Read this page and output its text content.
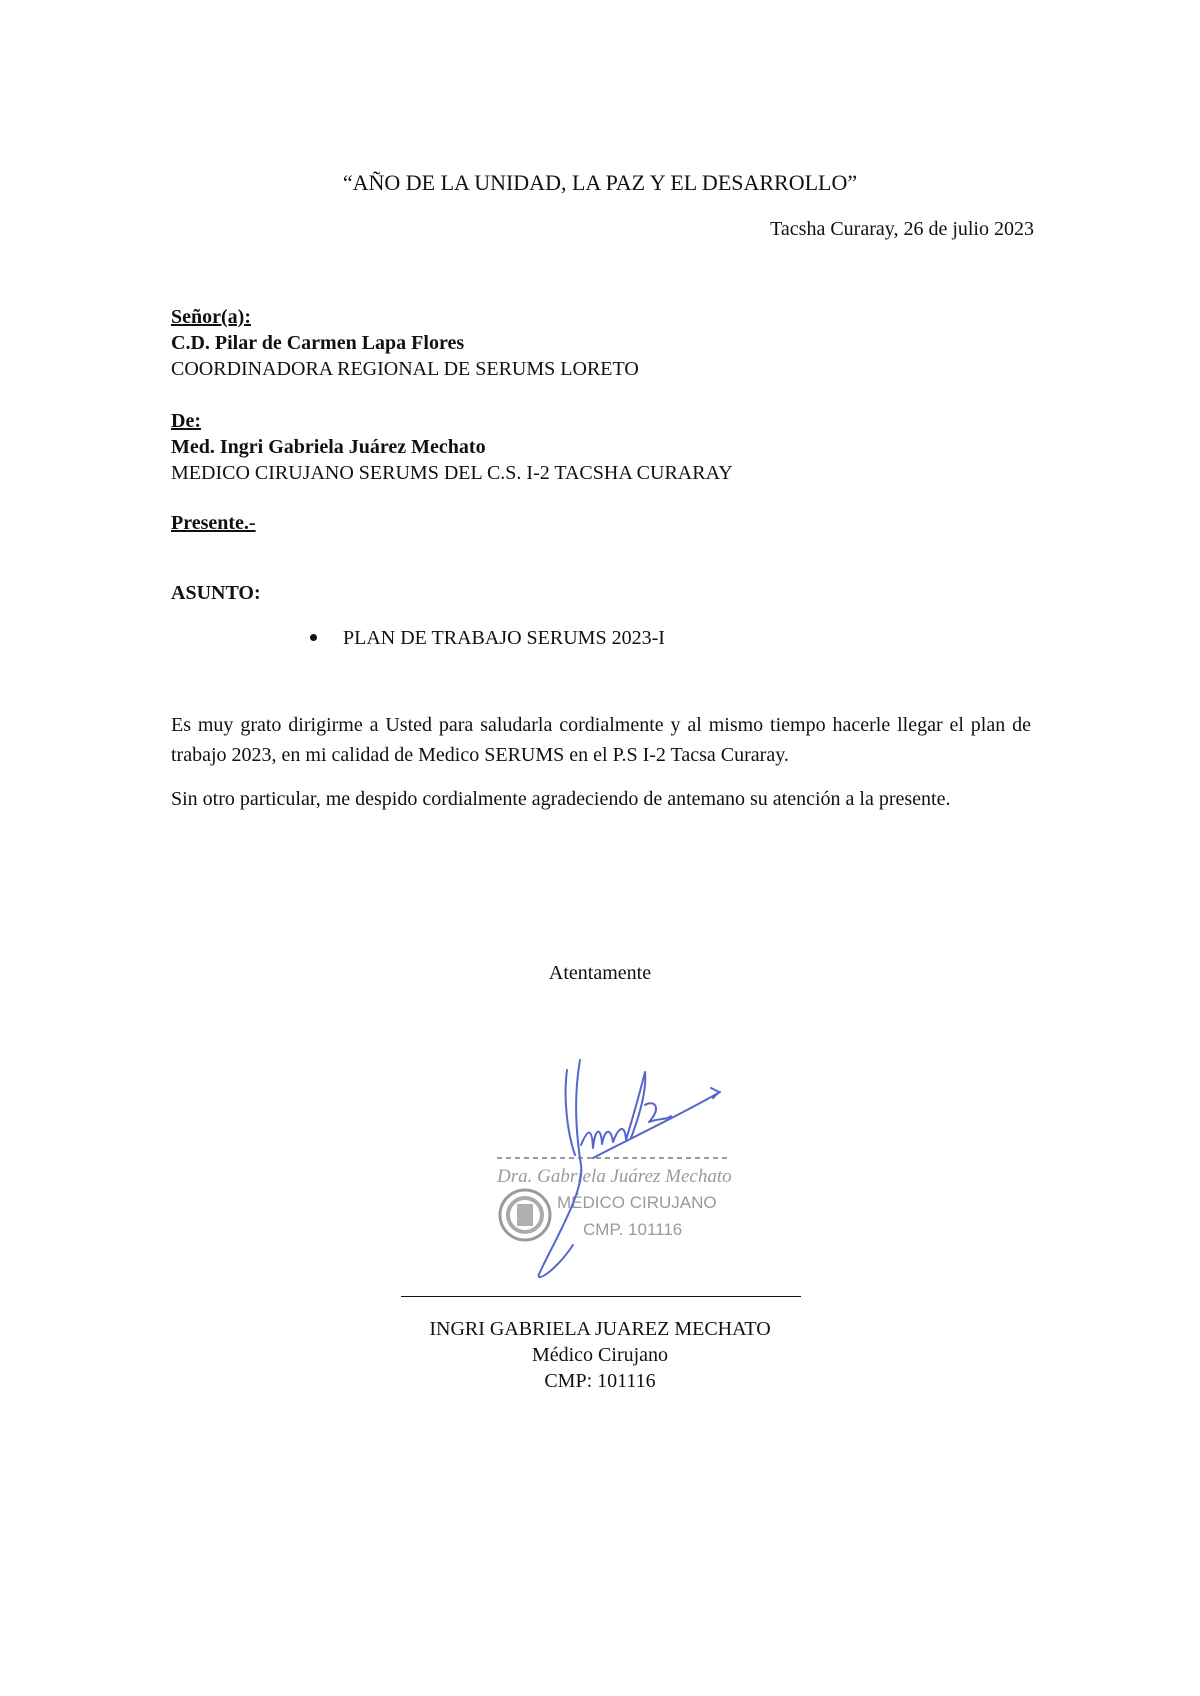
“AÑO DE LA UNIDAD, LA PAZ Y EL DESARROLLO”
Tacsha Curaray, 26 de julio 2023
Señor(a):
C.D. Pilar de Carmen Lapa Flores
COORDINADORA REGIONAL DE SERUMS LORETO
De:
Med. Ingri Gabriela Juárez Mechato
MEDICO CIRUJANO SERUMS DEL C.S. I-2 TACSHA CURARAY
Presente.-
ASUNTO:
PLAN DE TRABAJO SERUMS 2023-I
Es muy grato dirigirme a Usted para saludarla cordialmente y al mismo tiempo hacerle llegar el plan de trabajo 2023, en mi calidad de Medico SERUMS en el P.S I-2 Tacsa Curaray.
Sin otro particular, me despido cordialmente agradeciendo de antemano su atención a la presente.
Atentamente
Dra. Gabriela Juárez Mechato
MÉDICO CIRUJANO
CMP. 101116
INGRI GABRIELA JUAREZ MECHATO
Médico Cirujano
CMP: 101116
